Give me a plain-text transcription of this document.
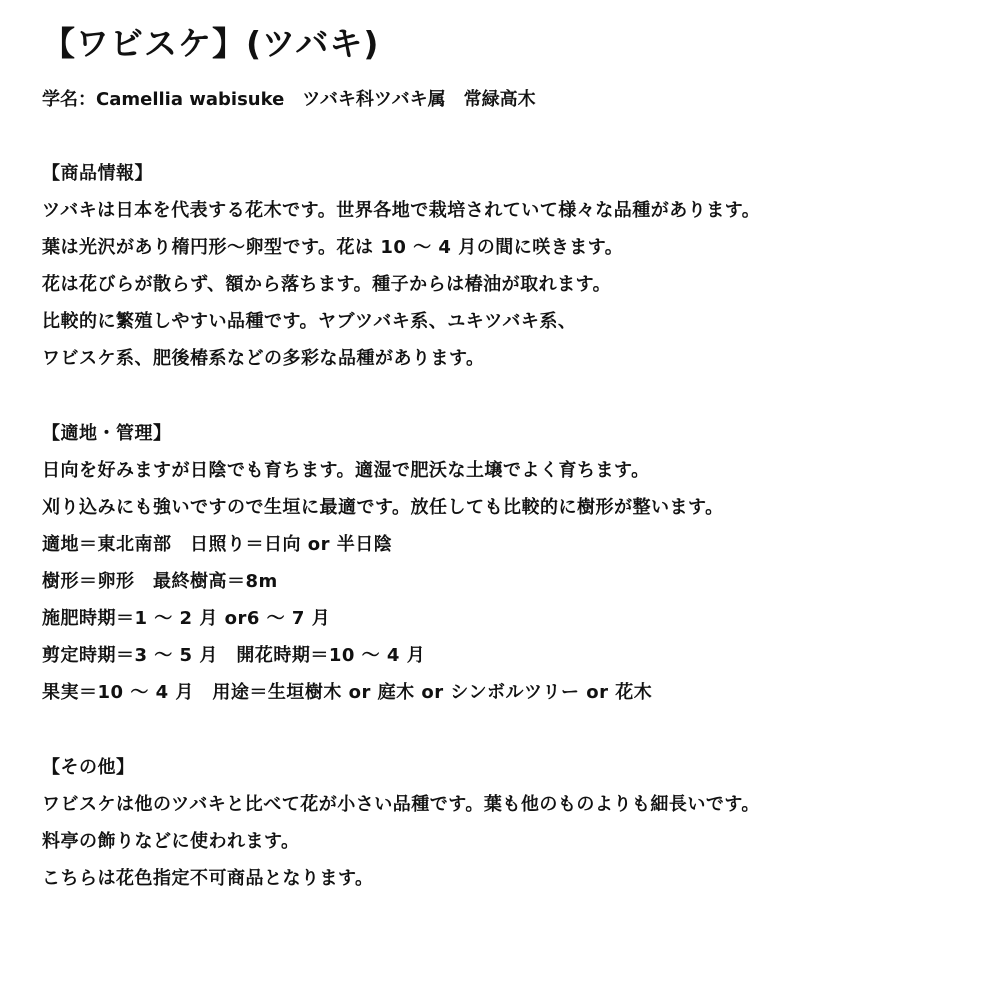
【ワビスケ】(ツバキ)
学名：Camellia wabisuke　ツバキ科ツバキ属　常緑高木
【商品情報】
ツバキは日本を代表する花木です。世界各地で栽培されていて様々な品種があります。
葉は光沢があり楕円形～卵型です。花は 10 ～ 4 月の間に咲きます。
花は花びらが散らず、額から落ちます。種子からは椿油が取れます。
比較的に繁殖しやすい品種です。ヤブツバキ系、ユキツバキ系、
ワビスケ系、肥後椿系などの多彩な品種があります。
【適地・管理】
日向を好みますが日陰でも育ちます。適湿で肥沃な土壌でよく育ちます。
刈り込みにも強いですので生垣に最適です。放任しても比較的に樹形が整います。
適地＝東北南部　日照り＝日向 or 半日陰
樹形＝卵形　最終樹高＝8m
施肥時期＝1 ～ 2 月 or6 ～ 7 月
剪定時期＝3 ～ 5 月　開花時期＝10 ～ 4 月
果実＝10 ～ 4 月　用途＝生垣樹木 or 庭木 or シンボルツリー or 花木
【その他】
ワビスケは他のツバキと比べて花が小さい品種です。葉も他のものよりも細長いです。
料亭の飾りなどに使われます。
こちらは花色指定不可商品となります。
